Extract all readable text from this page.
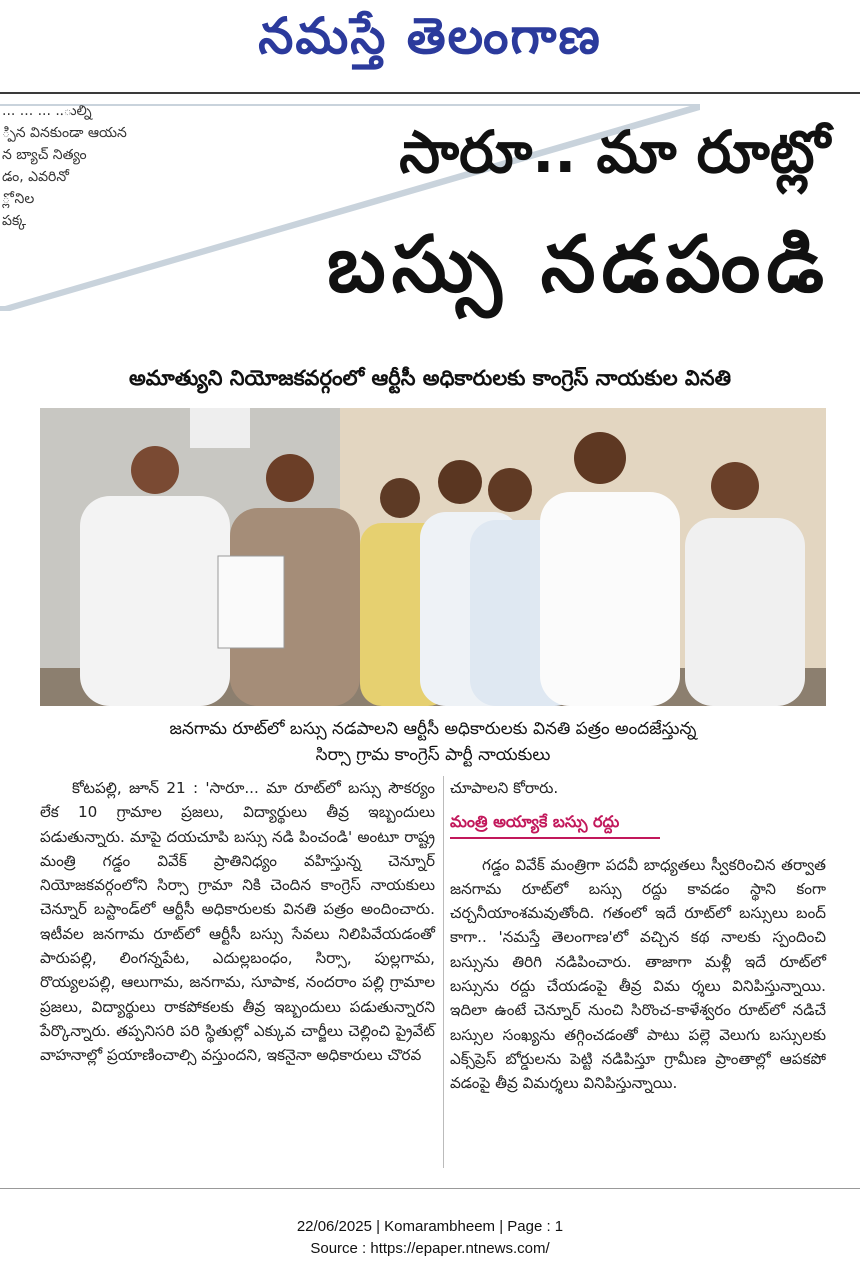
నమస్తే తెలంగాణ
... ... ... ..ుల్ని
్పిన వినకుండా ఆయన
న బ్యాచ్ నిత్యం
డం, ఎవరినో
్లో నిల
పక్క
సారూ.. మా రూట్లో
బస్సు నడపండి
అమాత్యుని నియోజకవర్గంలో ఆర్టీసీ అధికారులకు కాంగ్రెస్ నాయకుల వినతి
జనగామ రూట్‌లో బస్సు నడపాలని ఆర్టీసీ అధికారులకు వినతి పత్రం అందజేస్తున్న
సిర్సా గ్రామ కాంగ్రెస్ పార్టీ నాయకులు

కోటపల్లి, జూన్ 21 : 'సారూ... మా రూట్‌లో బస్సు సౌకర్యం లేక 10 గ్రామాల ప్రజలు, విద్యార్థులు తీవ్ర ఇబ్బందులు పడుతున్నారు. మాపై దయచూపి బస్సు నడి పించండి' అంటూ రాష్ట్ర మంత్రి గడ్డం వివేక్ ప్రాతినిధ్యం వహిస్తున్న చెన్నూర్ నియోజకవర్గంలోని సిర్సా గ్రామా నికి చెందిన కాంగ్రెస్ నాయకులు చెన్నూర్ బస్టాండ్‌లో ఆర్టీసీ అధికారులకు వినతి పత్రం అందించారు. ఇటీవల జనగామ రూట్‌లో ఆర్టీసీ బస్సు సేవలు నిలిపివేయడంతో పారుపల్లి, లింగన్నపేట, ఎదుల్లబంధం, సిర్సా, పుల్లగామ, రొయ్యలపల్లి, ఆలుగామ, జనగామ, సూపాక, నందరాం పల్లి గ్రామాల ప్రజలు, విద్యార్థులు రాకపోకలకు తీవ్ర ఇబ్బందులు పడుతున్నారని పేర్కొన్నారు. తప్పనిసరి పరి స్థితుల్లో ఎక్కువ చార్జీలు చెల్లించి ప్రైవేట్ వాహనాల్లో ప్రయాణించాల్సి వస్తుందని, ఇకనైనా అధికారులు చొరవ

చూపాలని కోరారు.

మంత్రి అయ్యాకే బస్సు రద్దు

గడ్డం వివేక్ మంత్రిగా పదవీ బాధ్యతలు స్వీకరించిన తర్వాత జనగామ రూట్‌లో బస్సు రద్దు కావడం స్థాని కంగా చర్చనీయాంశమవుతోంది. గతంలో ఇదే రూట్‌లో బస్సులు బంద్ కాగా.. 'నమస్తే తెలంగాణ'లో వచ్చిన కథ నాలకు స్పందించి బస్సును తిరిగి నడిపించారు. తాజాగా మళ్లీ ఇదే రూట్‌లో బస్సును రద్దు చేయడంపై తీవ్ర విమ ర్శలు వినిపిస్తున్నాయి. ఇదిలా ఉంటే చెన్నూర్ నుంచి సిరొంచ-కాళేశ్వరం రూట్‌లో నడిచే బస్సుల సంఖ్యను తగ్గించడంతో పాటు పల్లె వెలుగు బస్సులకు ఎక్స్‌ప్రెస్ బోర్డులను పెట్టి నడిపిస్తూ గ్రామీణ ప్రాంతాల్లో ఆపకపో వడంపై తీవ్ర విమర్శలు వినిపిస్తున్నాయి.

22/06/2025 | Komarambheem | Page : 1
Source : https://epaper.ntnews.com/
